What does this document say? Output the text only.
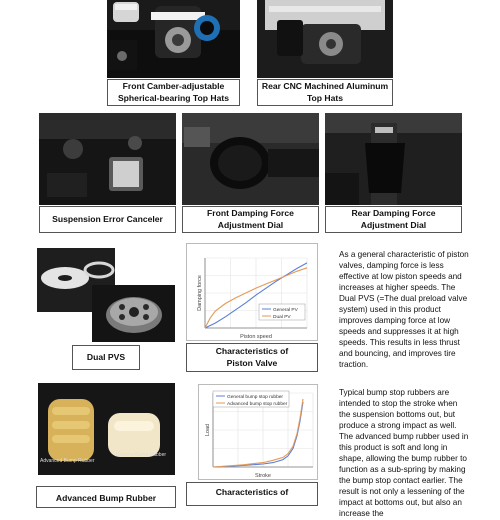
Front Camber-adjustable
Spherical-bearing Top Hats
Rear CNC Machined Aluminum
Top Hats
Suspension Error Canceler
Front Damping Force
Adjustment Dial
Rear Damping Force
Adjustment Dial
Dual PVS
Piston speed
Damping force	General PV
Dual PV
Characteristics of
Piston Valve
As a general characteristic of piston valves, damping force is less effective at low piston speeds and increases at higher speeds. The Dual PVS (=The dual preload valve system) used in this product improves damping force at low speeds and suppresses it at high speeds. This results in less thrust and bouncing, and improves tire traction.
Advanced Bump Rubber
General Bump Rubber
Advanced Bump Rubber
Stroke
Load
General bump stop rubber
Advanced bump stop rubber
Characteristics of
Typical bump stop rubbers are intended to stop the stroke when the suspension bottoms out, but produce a strong impact as well. The advanced bump rubber used in this product is soft and long in shape, allowing the bump rubber to function as a sub-spring by making the bump stop contact earlier. The result is not only a lessening of the impact at bottoms out, but also an increase the
